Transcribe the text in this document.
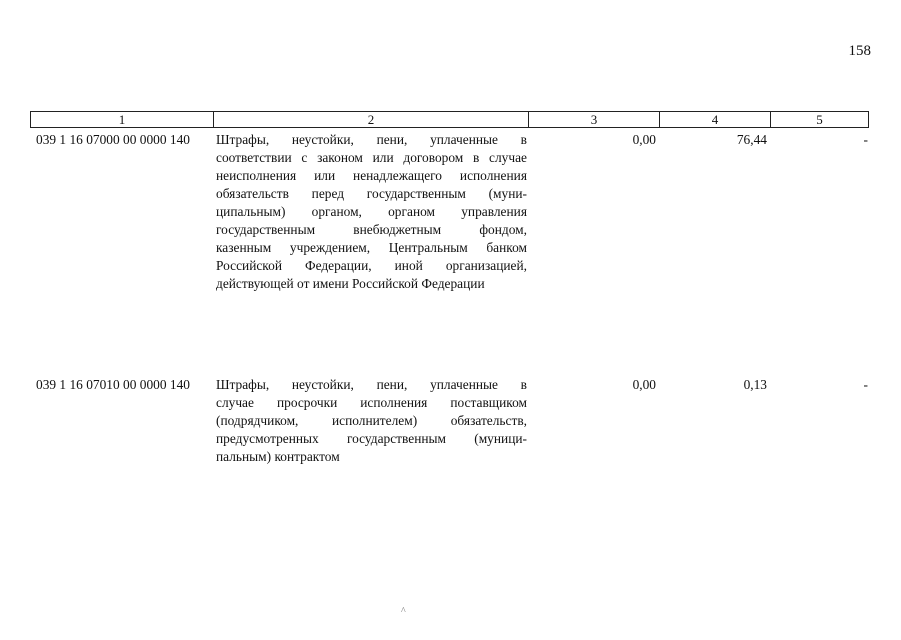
158
1	2	3	4	5
039 1 16 07000 00 0000 140 Штрафы, неустойки, пени, уплаченные в
соответствии с законом или договором в случае
неисполнения или ненадлежащего исполнения
обязательств перед государственным (муни-
ципальным) органом, органом управления
государственным внебюджетным фондом,
казенным учреждением, Центральным банком
Российской Федерации, иной организацией,
действующей от имени Российской Федерации
0,00	76,44	-
039 1 16 07010 00 0000 140 Штрафы, неустойки, пени, уплаченные в
случае просрочки исполнения поставщиком
(подрядчиком, исполнителем) обязательств,
предусмотренных государственным (муници-
пальным) контрактом
0,00	0,13	-
^
